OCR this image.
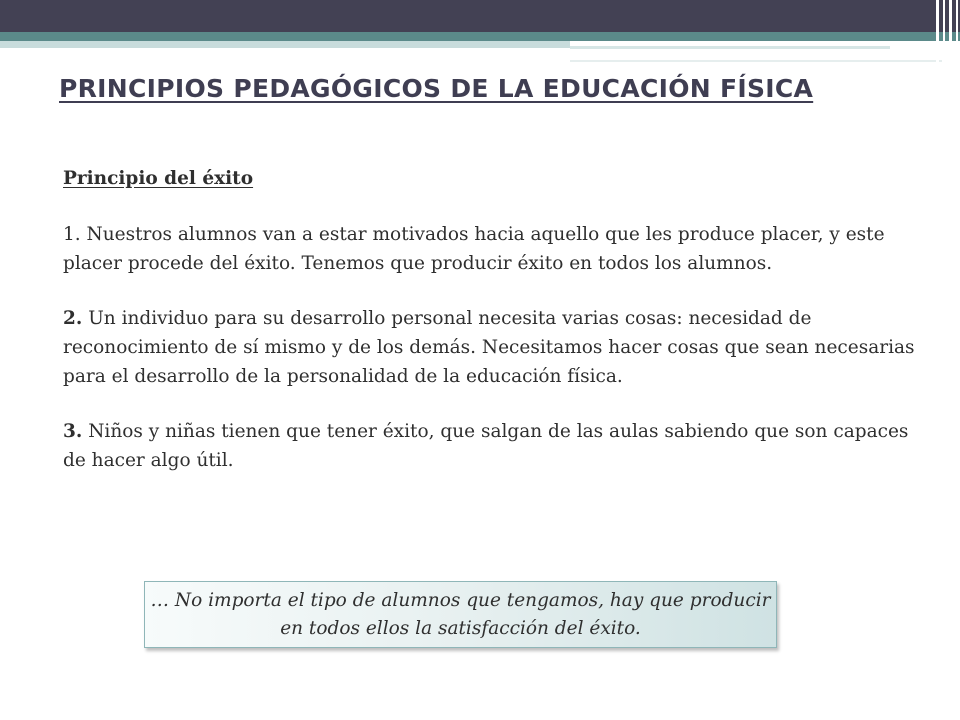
PRINCIPIOS PEDAGÓGICOS DE LA EDUCACIÓN FÍSICA

Principio del éxito

1. Nuestros alumnos van a estar motivados hacia aquello que les produce placer, y este placer procede del éxito. Tenemos que producir éxito en todos los alumnos.

2. Un individuo para su desarrollo personal necesita varias cosas: necesidad de reconocimiento de sí mismo y de los demás. Necesitamos hacer cosas que sean necesarias para el desarrollo de la personalidad de la educación física.

3. Niños y niñas tienen que tener éxito, que salgan de las aulas sabiendo que son capaces de hacer algo útil.

… No importa el tipo de alumnos que tengamos, hay que producir en todos ellos la satisfacción del éxito.
